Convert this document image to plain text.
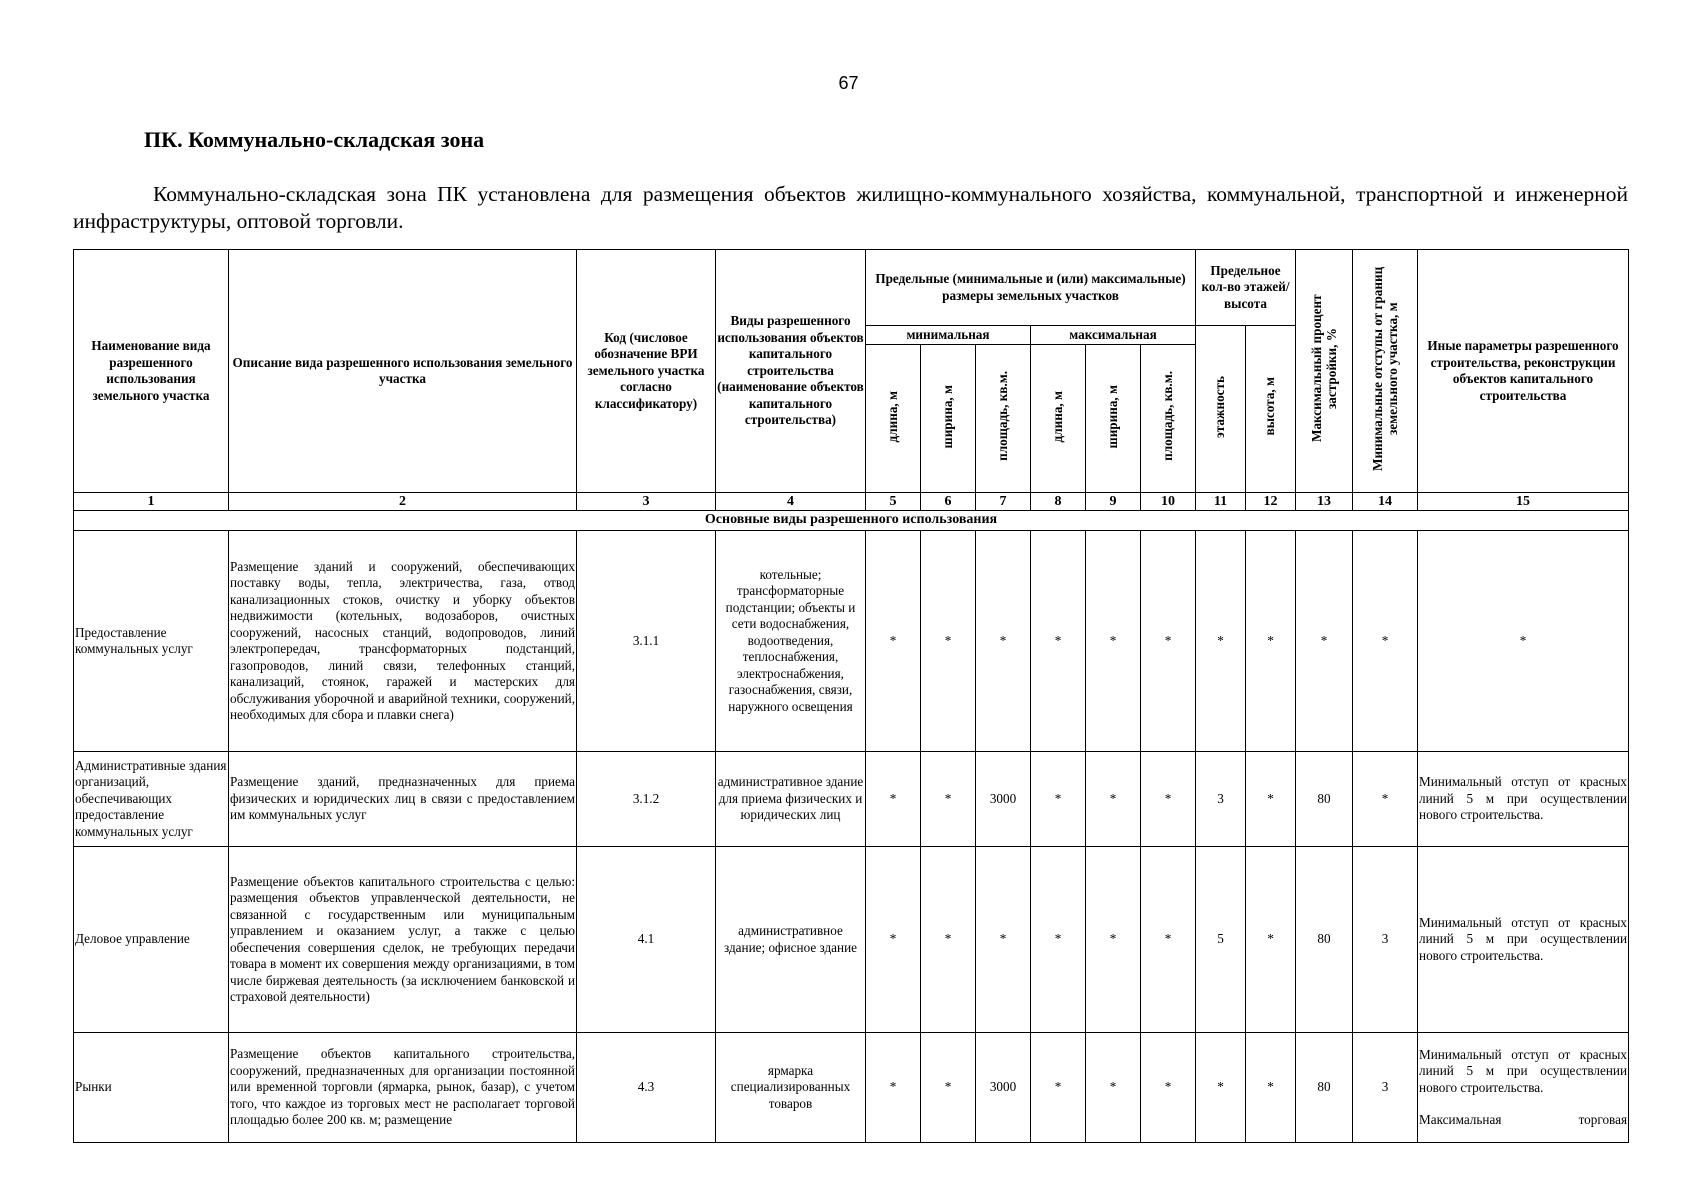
67
ПК. Коммунально-складская зона
Коммунально-складская зона ПК установлена для размещения объектов жилищно-коммунального хозяйства, коммунальной, транспортной и инженерной инфраструктуры, оптовой торговли.
Наименование вида разрешенного использования земельного участка	Описание вида разрешенного использования земельного участка	Код (числовое обозначение ВРИ земельного участка согласно классификатору)	Виды разрешенного использования объектов капитального строительства (наименование объектов капитального строительства)	Предельные (минимальные и (или) максимальные) размеры земельных участков						Предельное кол-во этажей/ высота		Максимальный процент застройки, %	Минимальные отступы от границ земельного участка, м	Иные параметры разрешенного строительства, реконструкции объектов капитального строительства
				минимальная			максимальная			этажность	высота, м			
				длина, м	ширина, м	площадь, кв.м.	длина, м	ширина, м	площадь, кв.м.					
1	2	3	4	5	6	7	8	9	10	11	12	13	14	15
Основные виды разрешенного использования														
Предоставление коммунальных услуг	Размещение зданий и сооружений, обеспечивающих поставку воды, тепла, электричества, газа, отвод канализационных стоков, очистку и уборку объектов недвижимости (котельных, водозаборов, очистных сооружений, насосных станций, водопроводов, линий электропередач, трансформаторных подстанций, газопроводов, линий связи, телефонных станций, канализаций, стоянок, гаражей и мастерских для обслуживания уборочной и аварийной техники, сооружений, необходимых для сбора и плавки снега)	3.1.1	котельные; трансформаторные подстанции; объекты и сети водоснабжения, водоотведения, теплоснабжения, электроснабжения, газоснабжения, связи, наружного освещения	*	*	*	*	*	*	*	*	*	*	*
Административные здания организаций, обеспечивающих предоставление коммунальных услуг	Размещение зданий, предназначенных для приема физических и юридических лиц в связи с предоставлением им коммунальных услуг	3.1.2	административное здание для приема физических и юридических лиц	*	*	3000	*	*	*	3	*	80	*	Минимальный отступ от красных линий 5 м при осуществлении нового строительства.
Деловое управление	Размещение объектов капитального строительства с целью: размещения объектов управленческой деятельности, не связанной с государственным или муниципальным управлением и оказанием услуг, а также с целью обеспечения совершения сделок, не требующих передачи товара в момент их совершения между организациями, в том числе биржевая деятельность (за исключением банковской и страховой деятельности)	4.1	административное здание; офисное здание	*	*	*	*	*	*	5	*	80	3	Минимальный отступ от красных линий 5 м при осуществлении нового строительства.
Рынки	Размещение объектов капитального строительства, сооружений, предназначенных для организации постоянной или временной торговли (ярмарка, рынок, базар), с учетом того, что каждое из торговых мест не располагает торговой площадью более 200 кв. м; размещение	4.3	ярмарка специализированных товаров	*	*	3000	*	*	*	*	*	80	3	Минимальный отступ от красных линий 5 м при осуществлении нового строительства.
Максимальная торговая
